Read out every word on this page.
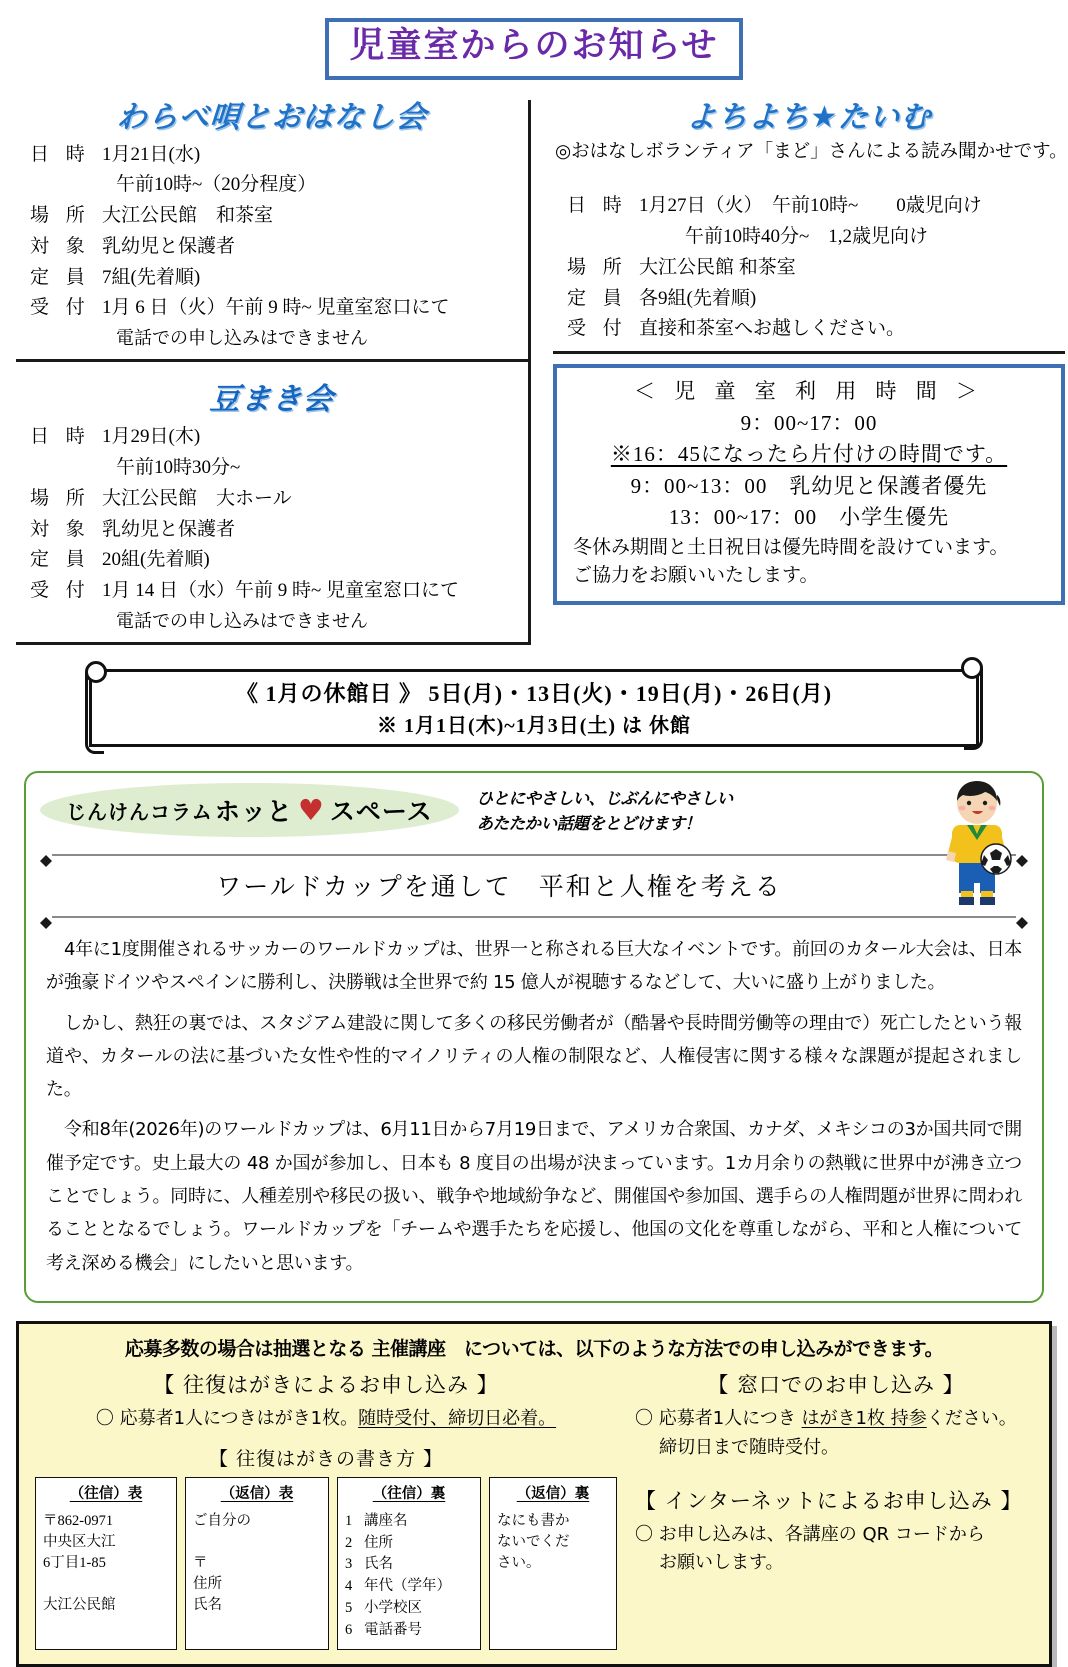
児童室からのお知らせ
わらべ唄とおはなし会
日 時 1月21日(水)
午前10時~（20分程度）
場 所 大江公民館　和茶室
対 象 乳幼児と保護者
定 員 7組(先着順)
受 付 1月 6 日（火）午前 9 時~ 児童室窓口にて
電話での申し込みはできません
豆まき会
日 時 1月29日(木)
午前10時30分~
場 所 大江公民館　大ホール
対 象 乳幼児と保護者
定 員 20組(先着順)
受 付 1月 14 日（水）午前 9 時~ 児童室窓口にて
電話での申し込みはできません
よちよち★たいむ
◎おはなしボランティア「まど」さんによる読み聞かせです。
日 時 1月27日（火）　午前10時~　　0歳児向け
午前10時40分~　1,2歳児向け
場 所 大江公民館 和茶室
定 員 各9組(先着順)
受 付 直接和茶室へお越しください。
＜ 児 童 室 利 用 時 間 ＞
9：00~17：00
※16：45になったら片付けの時間です。
9：00~13：00　乳幼児と保護者優先
13：00~17：00　小学生優先
冬休み期間と土日祝日は優先時間を設けています。
ご協力をお願いいたします。
《 1月の休館日 》 5日(月)・13日(火)・19日(月)・26日(月)
※ 1月1日(木)~1月3日(土) は 休館
じんけんコラム ホッと ♥ スペース	ひとにやさしい、じぶんにやさしい
あたたかい話題をとどけます！
ワールドカップを通して　平和と人権を考える

4年に1度開催されるサッカーのワールドカップは、世界一と称される巨大なイベントです。前回のカタール大会は、日本が強豪ドイツやスペインに勝利し、決勝戦は全世界で約 15 億人が視聴するなどして、大いに盛り上がりました。

しかし、熱狂の裏では、スタジアム建設に関して多くの移民労働者が（酷暑や長時間労働等の理由で）死亡したという報道や、カタールの法に基づいた女性や性的マイノリティの人権の制限など、人権侵害に関する様々な課題が提起されました。

令和8年(2026年)のワールドカップは、6月11日から7月19日まで、アメリカ合衆国、カナダ、メキシコの3か国共同で開催予定です。史上最大の 48 か国が参加し、日本も 8 度目の出場が決まっています。1カ月余りの熱戦に世界中が沸き立つことでしょう。同時に、人種差別や移民の扱い、戦争や地域紛争など、開催国や参加国、選手らの人権問題が世界に問われることとなるでしょう。ワールドカップを「チームや選手たちを応援し、他国の文化を尊重しながら、平和と人権について考え深める機会」にしたいと思います。

応募多数の場合は抽選となる 主催講座　については、以下のような方法での申し込みができます。
【 往復はがきによるお申し込み 】
〇 応募者1人につきはがき1枚。随時受付、締切日必着。
【 往復はがきの書き方 】
（往信）表
〒862-0971
中央区大江
6丁目1-85

大江公民館
（返信）表
ご自分の

〒
住所
氏名
（往信）裏
1 講座名
2 住所
3 氏名
4 年代（学年）
5 小学校区
6 電話番号
（返信）裏
なにも書か
ないでくだ
さい。
【 窓口でのお申し込み 】
〇 応募者1人につき はがき1枚 持参ください。
締切日まで随時受付。
【 インターネットによるお申し込み 】
〇 お申し込みは、各講座の QR コードから
お願いします。
